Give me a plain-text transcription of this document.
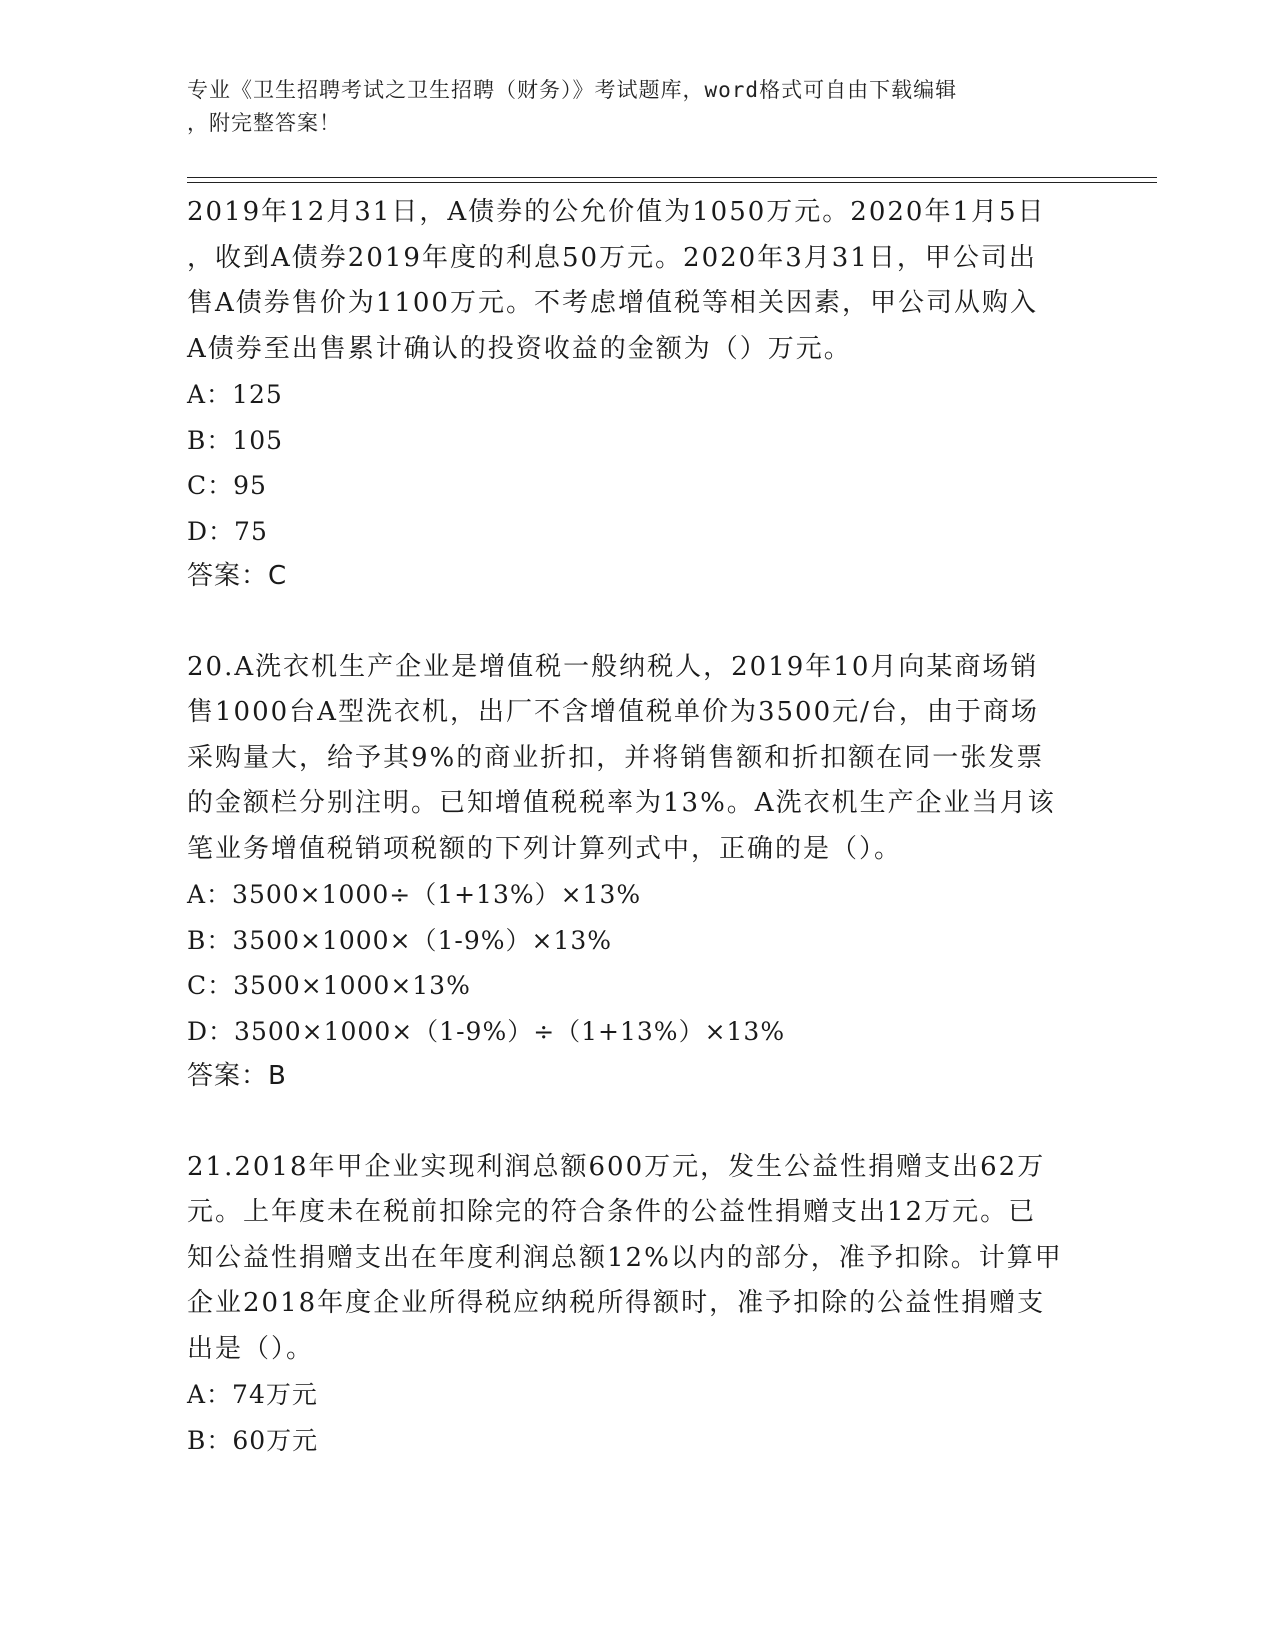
专业《卫生招聘考试之卫生招聘（财务）》考试题库，word格式可自由下载编辑
，附完整答案！

2019年12月31日，A债券的公允价值为1050万元。2020年1月5日

，收到A债券2019年度的利息50万元。2020年3月31日，甲公司出

售A债券售价为1100万元。不考虑增值税等相关因素，甲公司从购入

A债券至出售累计确认的投资收益的金额为（）万元。

A：125

B：105

C：95

D：75

答案：C

20.A洗衣机生产企业是增值税一般纳税人，2019年10月向某商场销

售1000台A型洗衣机，出厂不含增值税单价为3500元/台，由于商场

采购量大，给予其9%的商业折扣，并将销售额和折扣额在同一张发票

的金额栏分别注明。已知增值税税率为13%。A洗衣机生产企业当月该

笔业务增值税销项税额的下列计算列式中，正确的是（）。

A：3500×1000÷（1+13%）×13%

B：3500×1000×（1-9%）×13%

C：3500×1000×13%

D：3500×1000×（1-9%）÷（1+13%）×13%

答案：B

21.2018年甲企业实现利润总额600万元，发生公益性捐赠支出62万

元。上年度未在税前扣除完的符合条件的公益性捐赠支出12万元。已

知公益性捐赠支出在年度利润总额12%以内的部分，准予扣除。计算甲

企业2018年度企业所得税应纳税所得额时，准予扣除的公益性捐赠支

出是（）。

A：74万元

B：60万元
